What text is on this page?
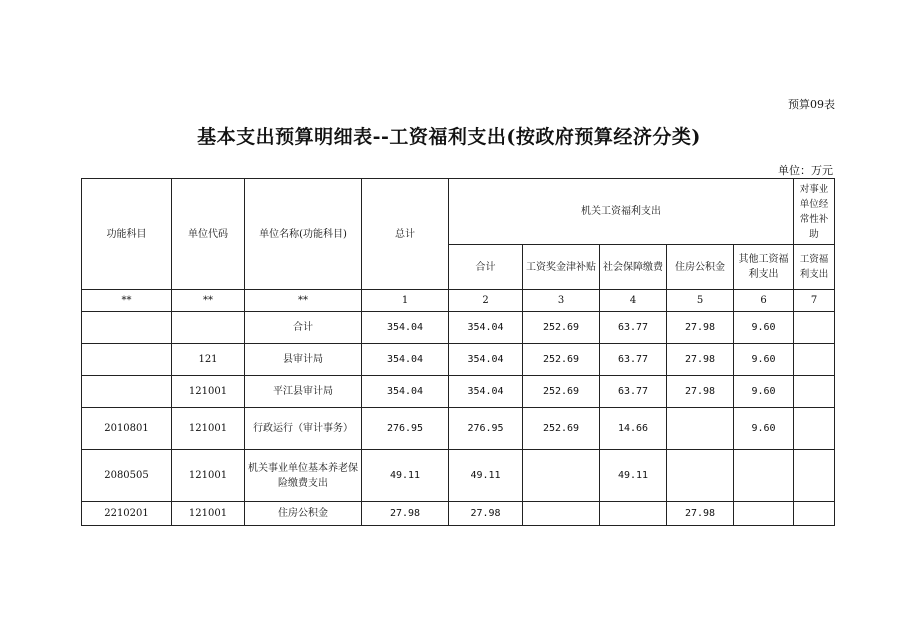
预算09表
基本支出预算明细表--工资福利支出(按政府预算经济分类)
单位：万元
功能科目	单位代码	单位名称(功能科目)	总计	机关工资福利支出					对事业单位经常性补助
				合计	工资奖金津补贴	社会保障缴费	住房公积金	其他工资福利支出	工资福利支出
**	**	**	1	2	3	4	5	6	7
		合计	354.04	354.04	252.69	63.77	27.98	9.60	
	121	县审计局	354.04	354.04	252.69	63.77	27.98	9.60	
	121001	平江县审计局	354.04	354.04	252.69	63.77	27.98	9.60	
2010801	121001	行政运行（审计事务）	276.95	276.95	252.69	14.66		9.60	
2080505	121001	机关事业单位基本养老保险缴费支出	49.11	49.11		49.11			
2210201	121001	住房公积金	27.98	27.98			27.98		
